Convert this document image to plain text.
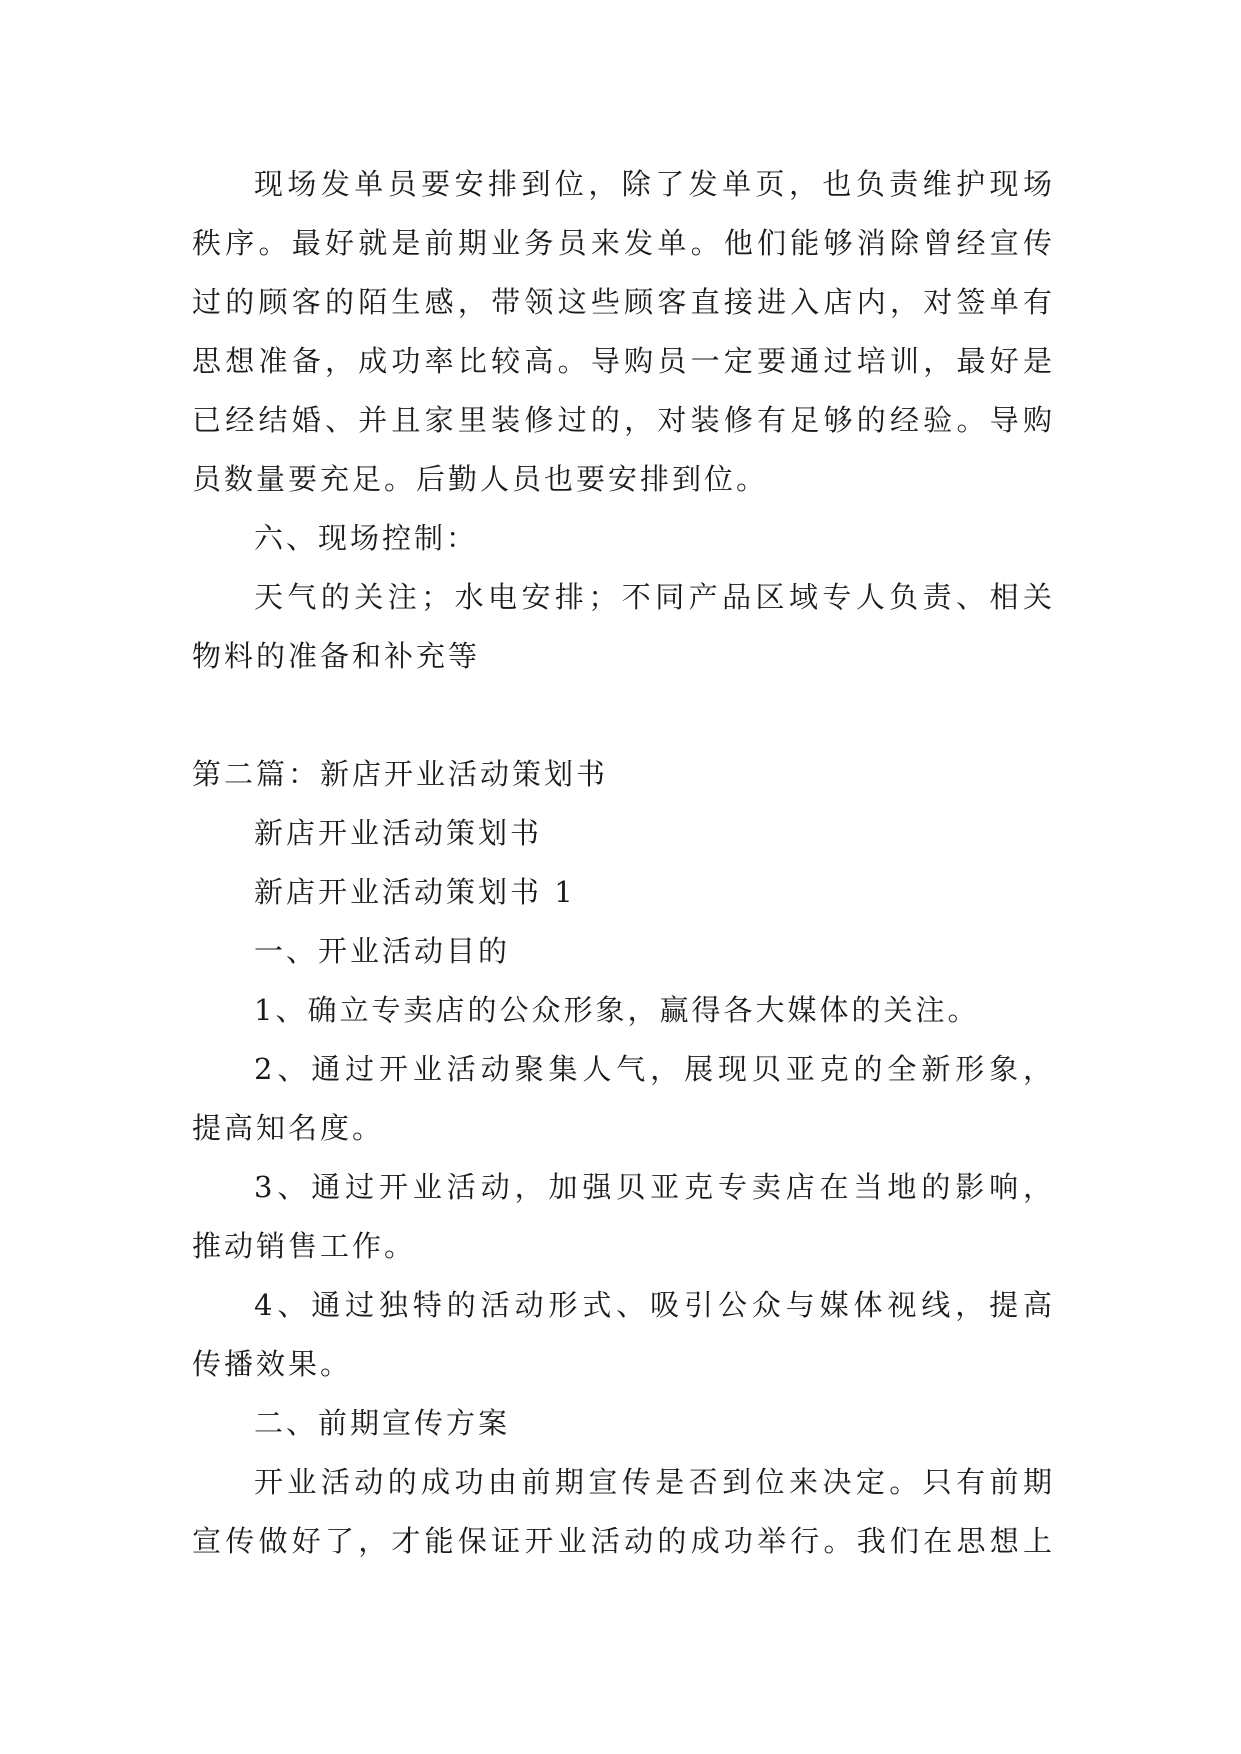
现场发单员要安排到位，除了发单页，也负责维护现场
秩序。最好就是前期业务员来发单。他们能够消除曾经宣传
过的顾客的陌生感，带领这些顾客直接进入店内，对签单有
思想准备，成功率比较高。导购员一定要通过培训，最好是
已经结婚、并且家里装修过的，对装修有足够的经验。导购
员数量要充足。后勤人员也要安排到位。
六、现场控制：
天气的关注；水电安排；不同产品区域专人负责、相关
物料的准备和补充等
第二篇：新店开业活动策划书
新店开业活动策划书
新店开业活动策划书 1
一、开业活动目的
1、确立专卖店的公众形象，赢得各大媒体的关注。
2、通过开业活动聚集人气，展现贝亚克的全新形象，
提高知名度。
3、通过开业活动，加强贝亚克专卖店在当地的影响，
推动销售工作。
4、通过独特的活动形式、吸引公众与媒体视线，提高
传播效果。
二、前期宣传方案
开业活动的成功由前期宣传是否到位来决定。只有前期
宣传做好了，才能保证开业活动的成功举行。我们在思想上
